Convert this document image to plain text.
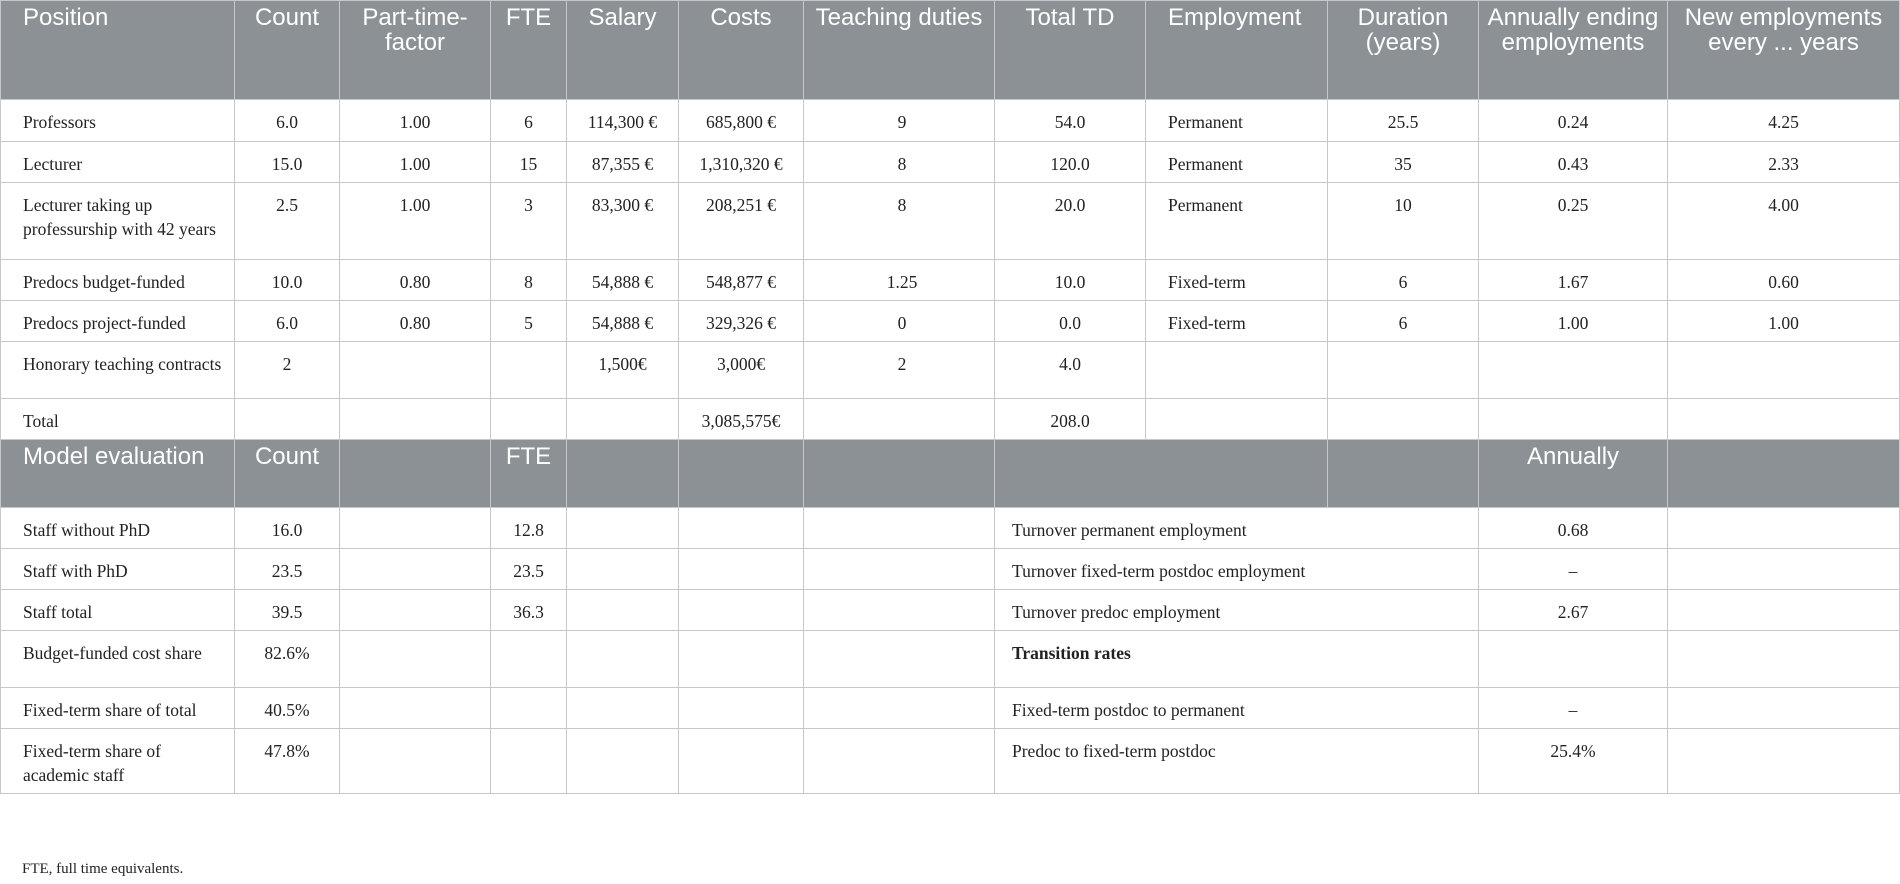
Position	Count	Part-time-factor	FTE	Salary	Costs	Teaching duties	Total TD	Employment	Duration (years)	Annually ending employments	New employments every ... years
Professors	6.0	1.00	6	114,300 €	685,800 €	9	54.0	Permanent	25.5	0.24	4.25
Lecturer	15.0	1.00	15	87,355 €	1,310,320 €	8	120.0	Permanent	35	0.43	2.33
Lecturer taking up professurship with 42 years	2.5	1.00	3	83,300 €	208,251 €	8	20.0	Permanent	10	0.25	4.00
Predocs budget-funded	10.0	0.80	8	54,888 €	548,877 €	1.25	10.0	Fixed-term	6	1.67	0.60
Predocs project-funded	6.0	0.80	5	54,888 €	329,326 €	0	0.0	Fixed-term	6	1.00	1.00
Honorary teaching contracts	2			1,500€	3,000€	2	4.0				
Total					3,085,575€		208.0				
Model evaluation	Count		FTE							Annually	
Staff without PhD	16.0		12.8				Turnover permanent employment			0.68	
Staff with PhD	23.5		23.5				Turnover fixed-term postdoc employment			–	
Staff total	39.5		36.3				Turnover predoc employment			2.67	
Budget-funded cost share	82.6%						Transition rates				
Fixed-term share of total	40.5%						Fixed-term postdoc to permanent			–	
Fixed-term share of academic staff	47.8%						Predoc to fixed-term postdoc			25.4%	
FTE, full time equivalents.
